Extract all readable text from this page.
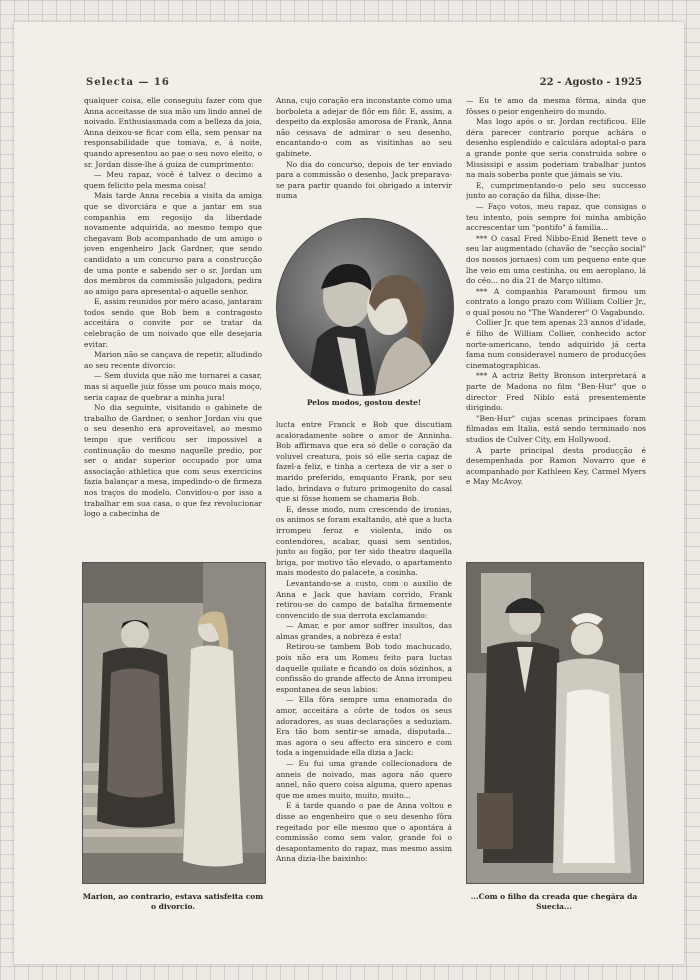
Selecta — 16	22 - Agosto - 1925

qualquer coisa, elle conseguiu fazer com que Anna acceitasse de sua mão um lindo annel de noivado. Enthusiasmada com a belleza da joia, Anna deixou-se ficar com ella, sem pensar na responsabilidade que tomava, e, á noite, quando apresentou ao pae o seu novo eleito, o sr. Jordan disse-lhe á guiza de cumprimento:

— Meu rapaz, você é talvez o decimo a quem felicito pela mesma coisa!

Mais tarde Anna recebia a visita da amiga que se divorciára e que a jantar em sua companhia em regosijo da liberdade novamente adquirida, ao mesmo tempo que chegavam Bob acompanhado de um amigo o joven engenheiro Jack Gardner, que sendo candidato a um concurso para a construcção de uma ponte e sabendo ser o sr. Jordan um dos membros da commissão julgadora, pedira ao amigo para apresental-o aquelle senhor.

E, assim reunidos por méro acaso, jantaram todos sendo que Bob bem a contragosto acceitára o convite por se tratar da celebração de um noivado que elle desejaria evitar.

Marion não se cançava de repetir, alludindo ao seu recente divorcio:

— Sem duvida que não me tornarei a casar, mas si aquelle juiz fôsse um pouco mais moço, seria capaz de quebrar a minha jura!

No dia seguinte, visitando o gabinete de trabalho de Gardner, o senhor Jordan viu que o seu desenho era aproveitavel, ao mesmo tempo que verificou ser impossivel a continuação do mesmo naquelle predio, por ser o andar superior occupado por uma associação athletica que com seus exercicios fazia balançar a mesa, impedindo-o de firmeza nos traços do modelo. Convidou-o por isso a trabalhar em sua casa, o que fez revolucionar logo a cabecinha de

Anna, cujo coração era inconstante como uma borboleta a adejar de flôr em flôr. E, assim, a despeito da explosão amorosa de Frank, Anna não cessava de admirar o seu desenho, encantando-o com as visitinhas ao seu gabinete.

No dia do concurso, depois de ter enviado para a commissão o desenho, Jack preparava-se para partir quando foi obrigado a intervir numa

Pelos modos, gostou deste!

lucta entre Franck e Bob que discutiam acaloradamente sobre o amor de Anninha. Bob affirmava que era só delle o coração da voluvel creatura, pois só elle seria capaz de fazel-a feliz, e tinha a certeza de vir a ser o marido preferido, emquanto Frank, por seu lado, brindava o futuro primogenito do casal que si fôsse homem se chamaria Bob.

E, desse modo, num crescendo de ironias, os animos se foram exaltando, até que a lucta irrompeu feroz e violenta, indo os contendores, acabar, quasi sem sentidos, junto ao fogão, por ter sido theatro daquella briga, por motivo tão elevado, o apartamento mais modesto do palacete, a cosinha.

Levantando-se a custo, com o auxilio de Anna e Jack que haviam corrido, Frank retirou-se do campo de batalha firmemente convencido de sua derrota exclamando:

— Amar, e por amor soffrer insultos, das almas grandes, a nobreza é esta!

Retirou-se tambem Bob todo machucado, pois não era um Romeu feito para luctas daquelle quilate e ficando os dois sózinhos, a confissão do grande affecto de Anna irrompeu espontanea de seus labios:

— Ella fôra sempre uma enamorada do amor, acceitára a côrte de todos os seus adoradores, as suas declarações a seduziam. Era tão bom sentir-se amada, disputada... mas agora o seu affecto era sincero e com toda a ingenuidade ella dizia a Jack:

— Eu fui uma grande collecionadora de anneis de noivado, mas agora não quero annel, não quero coisa alguma, quero apenas que me ames muito, muito, muito...

E á tarde quando o pae de Anna voltou e disse ao engenheiro que o seu desenho fôra regeitado por elle mesmo que o apontára á commissão como sem valor, grande foi o desapontamento do rapaz, mas mesmo assim Anna dizia-lhe baixinho:

— Eu te amo da mesma fórma, ainda que fôsses o peior engenheiro do mundo.

Mas logo após o sr. Jordan rectificou. Elle déra parecer contrario porque achára o desenho esplendido e calculára adoptal-o para a grande ponte que seria construida sobre o Mississipi e assim poderiam trabalhar juntos na mais soberba ponte que jámais se viu.

E, cumprimentando-o pelo seu successo junto ao coração da filha, disse-lhe:

— Faço votos, meu rapaz, que consigas o teu intento, pois sempre foi minha ambição accrescentar um "pontifo" á familia...

*** O casal Fred Nibbo-Enid Benett teve o seu lar augmentado (chavão de "secção social" dos nossos jornaes) com um pequeno ente que lhe veio em uma cestinha, ou em aeroplano, lá do céo... no dia 21 de Março ultimo.

*** A companhia Paramount firmou um contrato a longo prazo com William Collier Jr., o qual posou no "The Wanderer" O Vagabundo.

Collier Jr. que tem apenas 23 annos d'idade, é filho de William Collier, conhecido actor norte-americano, tendo adquirido já certa fama num consideravel numero de producções cinematographicas.

*** A actriz Betty Bronson interpretará a parte de Madona no film "Ben-Hur" que o director Fred Niblo está presentemente dirigindo.

"Ben-Hur" cujas scenas principaes foram filmadas em Italia, está sendo terminado nos studios de Culver City, em Hollywood.

A parte principal desta producção é desempenhada por Ramon Novarro que é acompanhado por Kathleen Key, Carmel Myers e May McAvoy.

Marion, ao contrario, estava satisfeita com o divorcio.
...Com o filho da creada que chegára da Suecia...
